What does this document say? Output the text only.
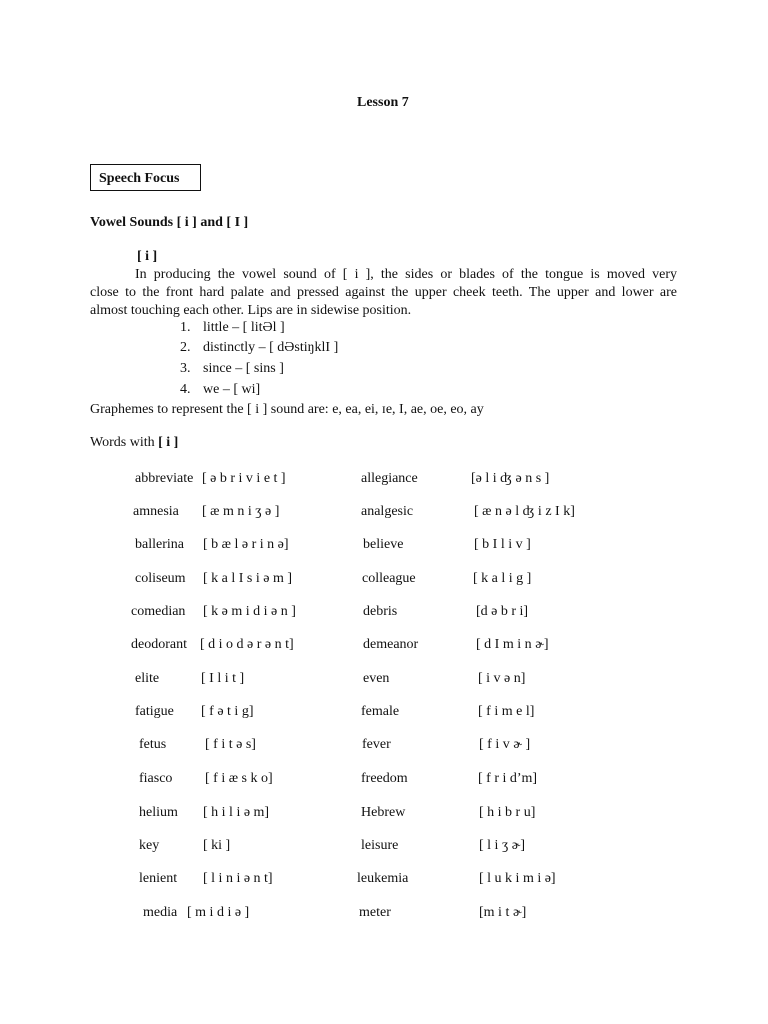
Lesson 7
Speech Focus
Vowel Sounds [ i ] and [ I ]
[ i ]
In producing the vowel sound of [ i ], the sides or blades of the tongue is moved very
close to the front hard palate and pressed against the upper cheek teeth. The upper and lower are
almost touching each other. Lips are in sidewise position.
1. little – [ litƏl ]
2. distinctly – [ dƏstiŋklI ]
3. since – [ sins ]
4. we – [ wi]
Graphemes to represent the [ i ] sound are: e, ea, ei, ɪe, I, ae, oe, eo, ay
Words with [ i ]
abbreviate [ ə b r i v i e t ]	allegiance	[ə l i ʤ ə n s ]
amnesia [ æ m n i ʒ ə ]	analgesic	[ æ n ə l ʤ i z I k]
ballerina [ b æ l ə r i n ə]	believe	[ b I l i v ]
coliseum [ k a l I s i ə m ]	colleague	[ k a l i g ]
comedian [ k ə m i d i ə n ]	debris	[d ə b r i]
deodorant [ d i o d ə r ə n t]	demeanor	[ d I m i n ɚ]
elite	[ I l i t ]	even	[ i v ə n]
fatigue [ f ə t i g]	female	[ f i m e l]
fetus	[ f i t ə s]	fever	[ f i v ɚ ]
fiasco [ f i æ s k o]	freedom	[ f r i d’m]
helium [ h i l i ə m]	Hebrew	[ h i b r u]
key	[ ki ]	leisure	[ l i ʒ ɚ]
lenient [ l i n i ə n t]	leukemia	[ l u k i m i ə]
media [ m i d i ə ]	meter	[m i t ɚ]
